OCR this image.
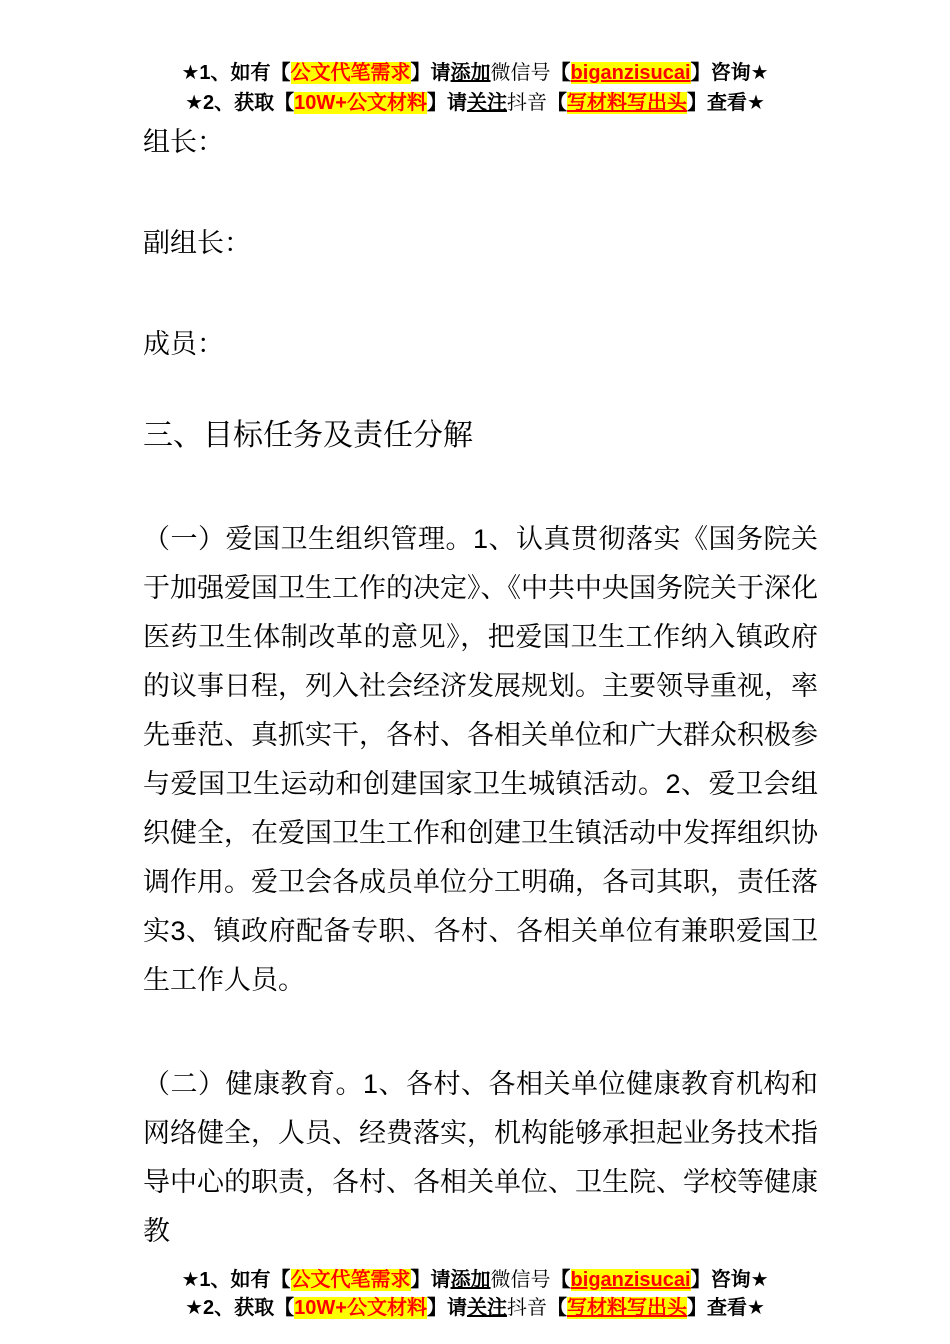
★1、如有【公文代笔需求】请添加微信号【biganzisucai】咨询★
★2、获取【10W+公文材料】请关注抖音【写材料写出头】查看★

组长：

副组长：

成员：

三、目标任务及责任分解

（一）爱国卫生组织管理。1、认真贯彻落实《国务院关于加强爱国卫生工作的决定》、《中共中央国务院关于深化医药卫生体制改革的意见》，把爱国卫生工作纳入镇政府的议事日程，列入社会经济发展规划。主要领导重视，率先垂范、真抓实干，各村、各相关单位和广大群众积极参与爱国卫生运动和创建国家卫生城镇活动。2、爱卫会组织健全，在爱国卫生工作和创建卫生镇活动中发挥组织协调作用。爱卫会各成员单位分工明确，各司其职，责任落实3、镇政府配备专职、各村、各相关单位有兼职爱国卫生工作人员。

（二）健康教育。1、各村、各相关单位健康教育机构和网络健全，人员、经费落实，机构能够承担起业务技术指导中心的职责，各村、各相关单位、卫生院、学校等健康教

★1、如有【公文代笔需求】请添加微信号【biganzisucai】咨询★
★2、获取【10W+公文材料】请关注抖音【写材料写出头】查看★
